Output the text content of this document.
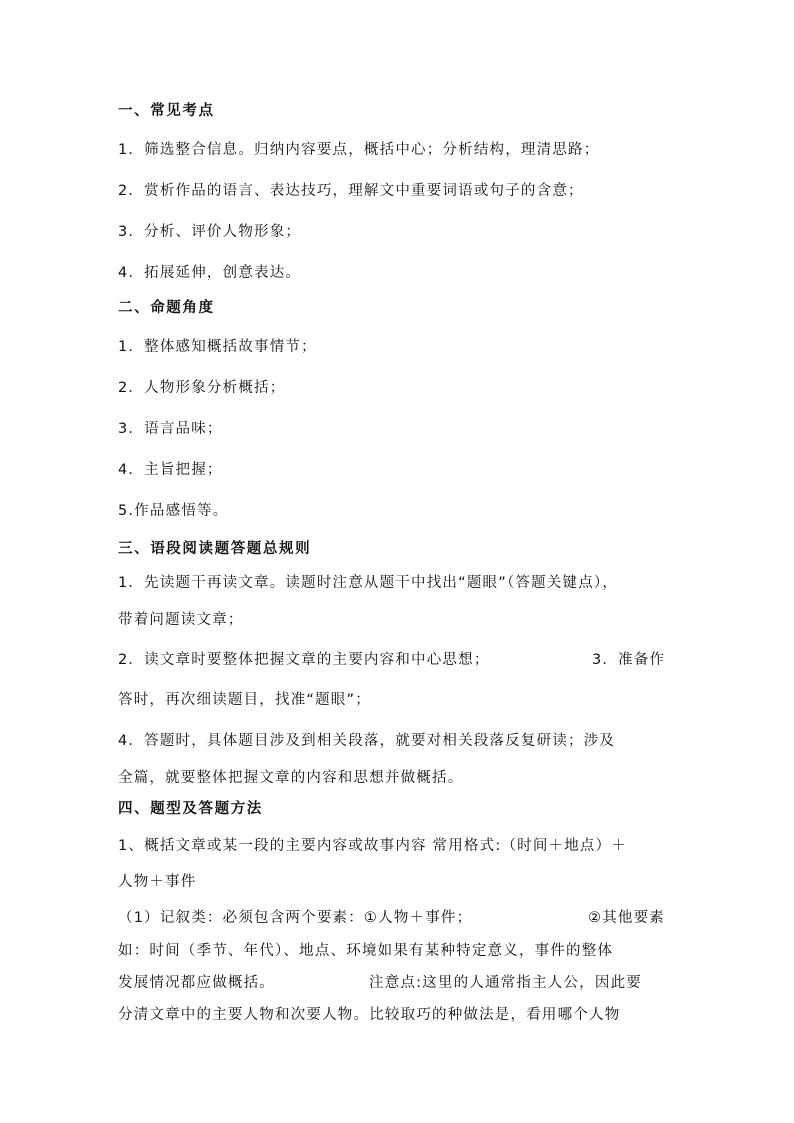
一、常见考点
1．筛选整合信息。归纳内容要点，概括中心；分析结构，理清思路；
2．赏析作品的语言、表达技巧，理解文中重要词语或句子的含意；
3．分析、评价人物形象；
4．拓展延伸，创意表达。
二、命题角度
1．整体感知概括故事情节；
2．人物形象分析概括；
3．语言品味；
4．主旨把握；
5.作品感悟等。
三、语段阅读题答题总规则
1．先读题干再读文章。读题时注意从题干中找出“题眼”（答题关键点），
带着问题读文章；
2．读文章时要整体把握文章的主要内容和中心思想；	3．准备作
答时，再次细读题目，找准“题眼”；
4．答题时，具体题目涉及到相关段落，就要对相关段落反复研读；涉及
全篇，就要整体把握文章的内容和思想并做概括。
四、题型及答题方法
1、概括文章或某一段的主要内容或故事内容 常用格式:（时间＋地点）＋
人物＋事件
（1）记叙类：必须包含两个要素：①人物＋事件；	②其他要素
如：时间（季节、年代）、地点、环境如果有某种特定意义，事件的整体
发展情况都应做概括。	注意点:这里的人通常指主人公，因此要
分清文章中的主要人物和次要人物。比较取巧的种做法是，看用哪个人物
